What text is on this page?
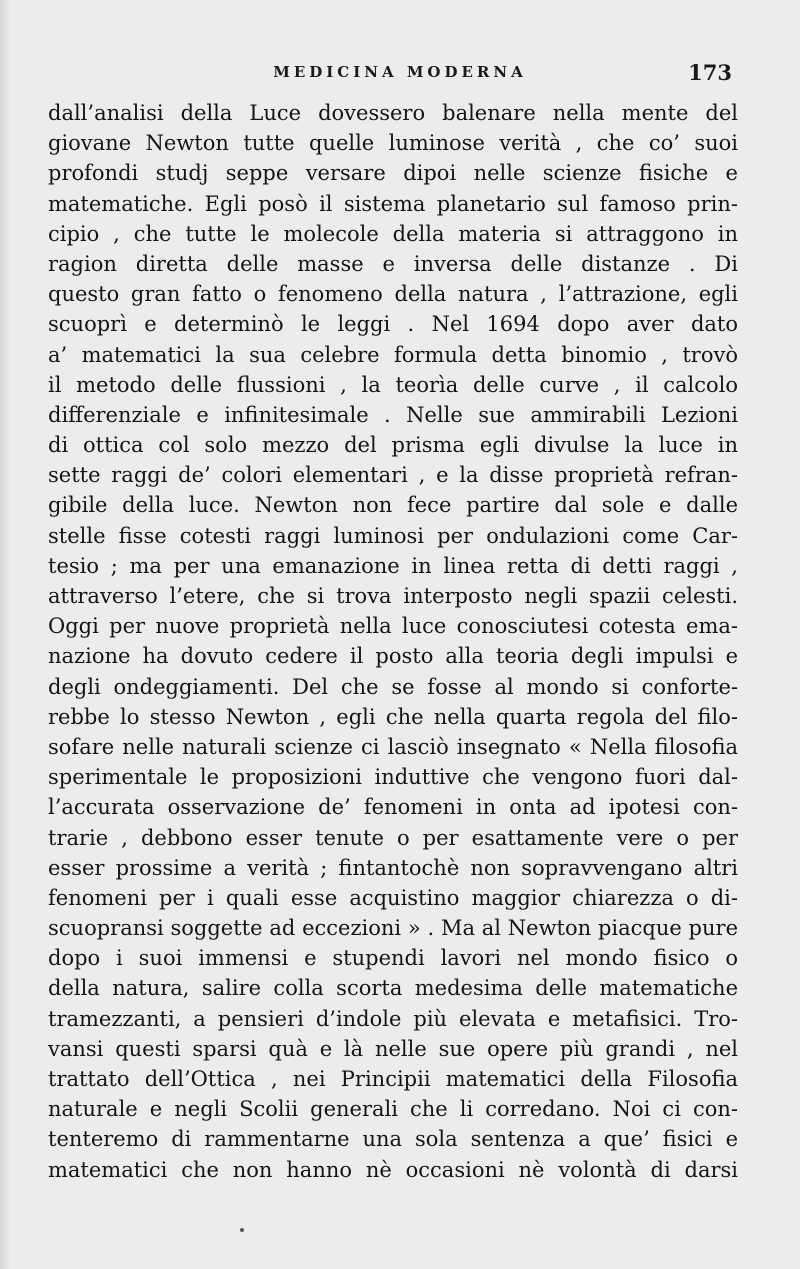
MEDICINA MODERNA	173
dall’analisi della Luce dovessero balenare nella mente del
giovane Newton tutte quelle luminose verità , che co’ suoi
profondi studj seppe versare dipoi nelle scienze fisiche e
matematiche. Egli posò il sistema planetario sul famoso prin-
cipio , che tutte le molecole della materia si attraggono in
ragion diretta delle masse e inversa delle distanze . Di
questo gran fatto o fenomeno della natura , l’attrazione, egli
scuoprì e determinò le leggi . Nel 1694 dopo aver dato
a’ matematici la sua celebre formula detta binomio , trovò
il metodo delle flussioni , la teorìa delle curve , il calcolo
differenziale e infinitesimale . Nelle sue ammirabili Lezioni
di ottica col solo mezzo del prisma egli divulse la luce in
sette raggi de’ colori elementari , e la disse proprietà refran-
gibile della luce. Newton non fece partire dal sole e dalle
stelle fisse cotesti raggi luminosi per ondulazioni come Car-
tesio ; ma per una emanazione in linea retta di detti raggi ,
attraverso l’etere, che si trova interposto negli spazii celesti.
Oggi per nuove proprietà nella luce conosciutesi cotesta ema-
nazione ha dovuto cedere il posto alla teoria degli impulsi e
degli ondeggiamenti. Del che se fosse al mondo si conforte-
rebbe lo stesso Newton , egli che nella quarta regola del filo-
sofare nelle naturali scienze ci lasciò insegnato « Nella filosofia
sperimentale le proposizioni induttive che vengono fuori dal-
l’accurata osservazione de’ fenomeni in onta ad ipotesi con-
trarie , debbono esser tenute o per esattamente vere o per
esser prossime a verità ; fintantochè non sopravvengano altri
fenomeni per i quali esse acquistino maggior chiarezza o di-
scuopransi soggette ad eccezioni » . Ma al Newton piacque pure
dopo i suoi immensi e stupendi lavori nel mondo fisico o
della natura, salire colla scorta medesima delle matematiche
tramezzanti, a pensieri d’indole più elevata e metafisici. Tro-
vansi questi sparsi quà e là nelle sue opere più grandi , nel
trattato dell’Ottica , nei Principii matematici della Filosofia
naturale e negli Scolii generali che li corredano. Noi ci con-
tenteremo di rammentarne una sola sentenza a que’ fisici e
matematici che non hanno nè occasioni nè volontà di darsi
